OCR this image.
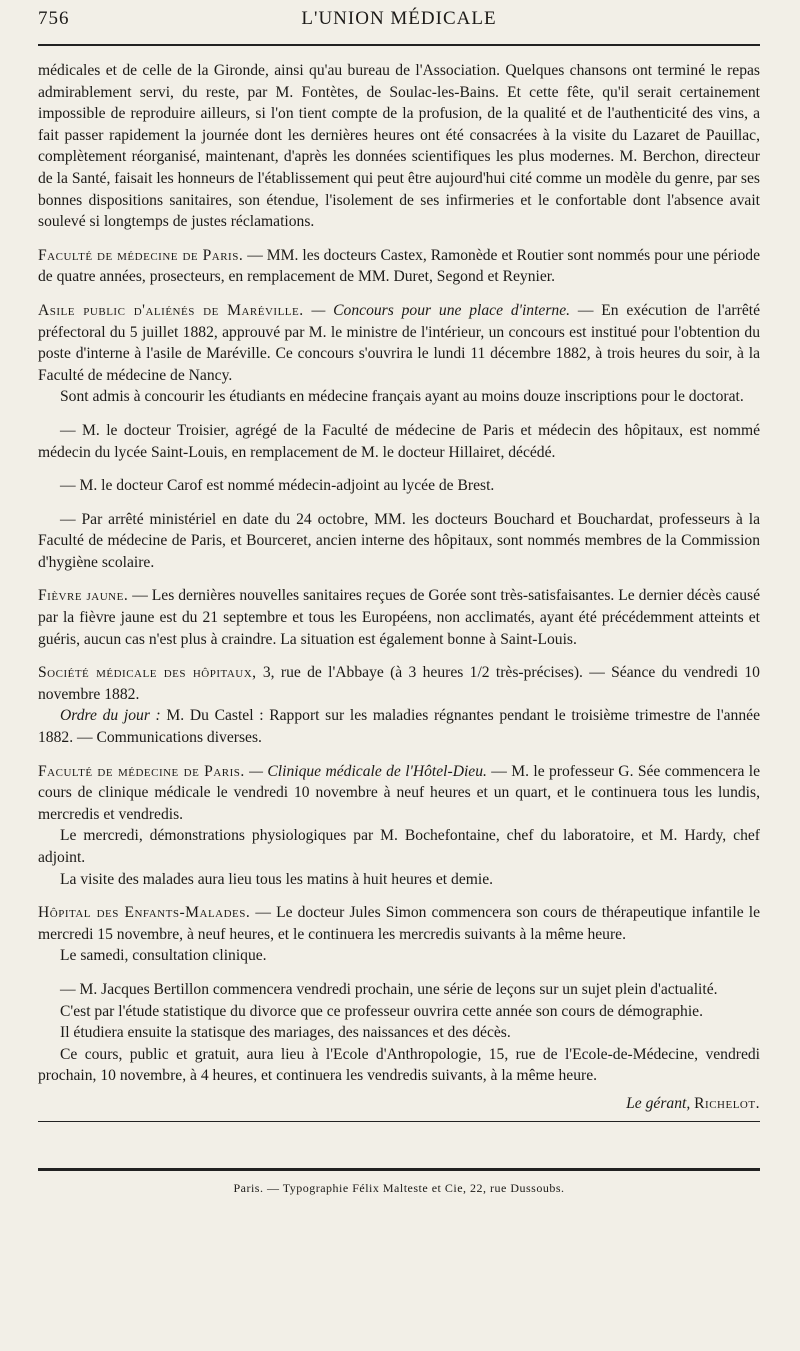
756	L'UNION MÉDICALE

médicales et de celle de la Gironde, ainsi qu'au bureau de l'Association. Quelques chansons ont terminé le repas admirablement servi, du reste, par M. Fontètes, de Soulac-les-Bains. Et cette fête, qu'il serait certainement impossible de reproduire ailleurs, si l'on tient compte de la profusion, de la qualité et de l'authenticité des vins, a fait passer rapidement la journée dont les dernières heures ont été consacrées à la visite du Lazaret de Pauillac, complètement réorganisé, maintenant, d'après les données scientifiques les plus modernes. M. Berchon, directeur de la Santé, faisait les honneurs de l'établissement qui peut être aujourd'hui cité comme un modèle du genre, par ses bonnes dispositions sanitaires, son étendue, l'isolement de ses infirmeries et le confortable dont l'absence avait soulevé si longtemps de justes réclamations.

Faculté de médecine de Paris. — MM. les docteurs Castex, Ramonède et Routier sont nommés pour une période de quatre années, prosecteurs, en remplacement de MM. Duret, Segond et Reynier.

Asile public d'aliénés de Maréville. — Concours pour une place d'interne. — En exécution de l'arrêté préfectoral du 5 juillet 1882, approuvé par M. le ministre de l'intérieur, un concours est institué pour l'obtention du poste d'interne à l'asile de Maréville. Ce concours s'ouvrira le lundi 11 décembre 1882, à trois heures du soir, à la Faculté de médecine de Nancy.

Sont admis à concourir les étudiants en médecine français ayant au moins douze inscriptions pour le doctorat.

— M. le docteur Troisier, agrégé de la Faculté de médecine de Paris et médecin des hôpitaux, est nommé médecin du lycée Saint-Louis, en remplacement de M. le docteur Hillairet, décédé.

— M. le docteur Carof est nommé médecin-adjoint au lycée de Brest.

— Par arrêté ministériel en date du 24 octobre, MM. les docteurs Bouchard et Bouchardat, professeurs à la Faculté de médecine de Paris, et Bourceret, ancien interne des hôpitaux, sont nommés membres de la Commission d'hygiène scolaire.

Fièvre jaune. — Les dernières nouvelles sanitaires reçues de Gorée sont très-satisfaisantes. Le dernier décès causé par la fièvre jaune est du 21 septembre et tous les Européens, non acclimatés, ayant été précédemment atteints et guéris, aucun cas n'est plus à craindre. La situation est également bonne à Saint-Louis.

Société médicale des hôpitaux, 3, rue de l'Abbaye (à 3 heures 1/2 très-précises). — Séance du vendredi 10 novembre 1882.

Ordre du jour : M. Du Castel : Rapport sur les maladies régnantes pendant le troisième trimestre de l'année 1882. — Communications diverses.

Faculté de médecine de Paris. — Clinique médicale de l'Hôtel-Dieu. — M. le professeur G. Sée commencera le cours de clinique médicale le vendredi 10 novembre à neuf heures et un quart, et le continuera tous les lundis, mercredis et vendredis.

Le mercredi, démonstrations physiologiques par M. Bochefontaine, chef du laboratoire, et M. Hardy, chef adjoint.

La visite des malades aura lieu tous les matins à huit heures et demie.

Hôpital des Enfants-Malades. — Le docteur Jules Simon commencera son cours de thérapeutique infantile le mercredi 15 novembre, à neuf heures, et le continuera les mercredis suivants à la même heure.

Le samedi, consultation clinique.

— M. Jacques Bertillon commencera vendredi prochain, une série de leçons sur un sujet plein d'actualité.

C'est par l'étude statistique du divorce que ce professeur ouvrira cette année son cours de démographie.

Il étudiera ensuite la statisque des mariages, des naissances et des décès.

Ce cours, public et gratuit, aura lieu à l'Ecole d'Anthropologie, 15, rue de l'Ecole-de-Médecine, vendredi prochain, 10 novembre, à 4 heures, et continuera les vendredis suivants, à la même heure.

Le gérant, Richelot.
Paris. — Typographie Félix Malteste et Cie, 22, rue Dussoubs.
